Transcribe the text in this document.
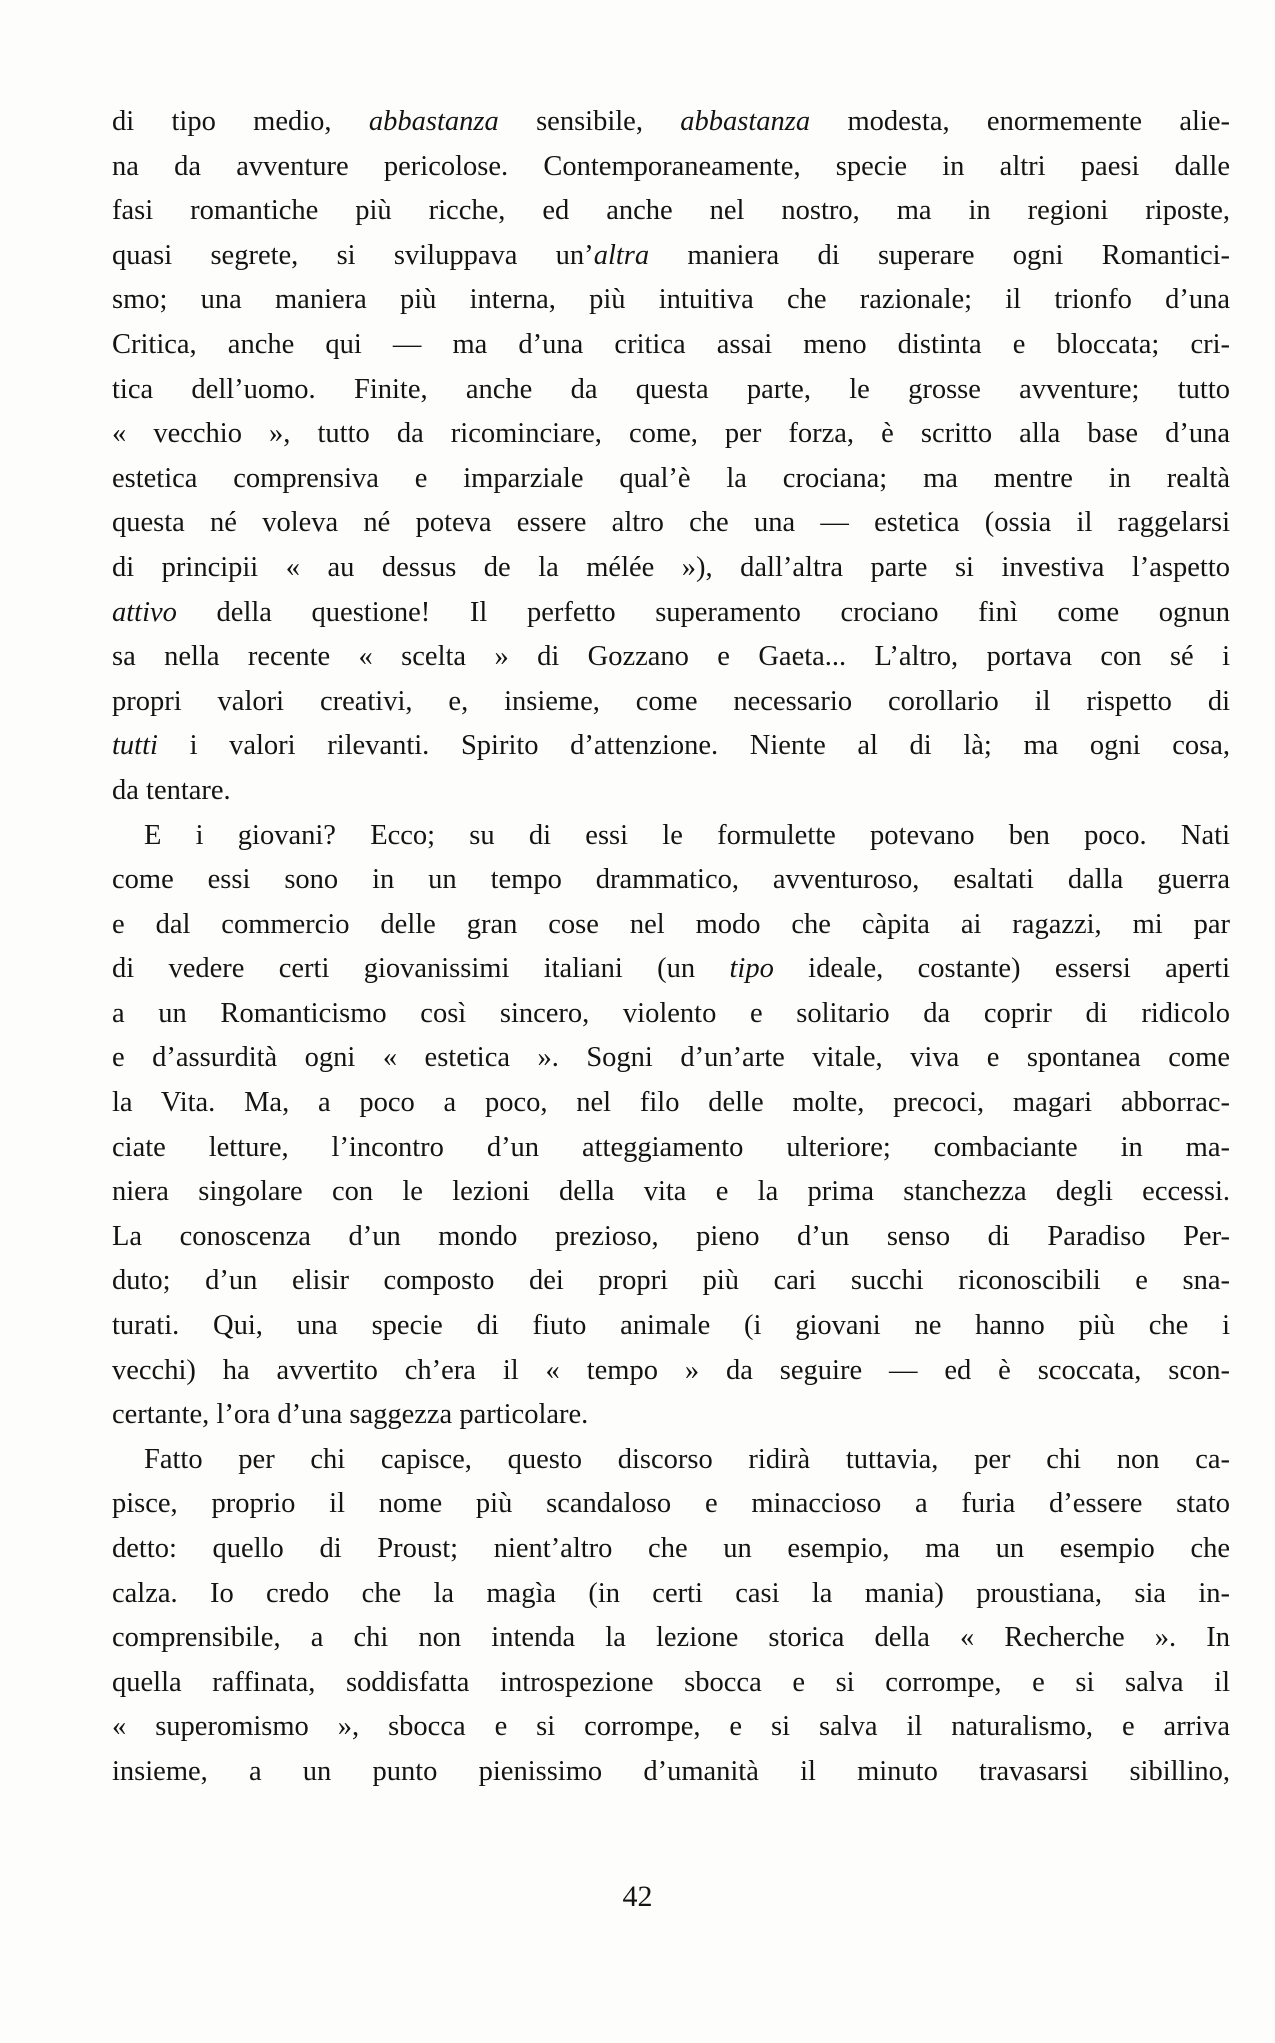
di tipo medio, abbastanza sensibile, abbastanza modesta, enormemente alie-
na da avventure pericolose. Contemporaneamente, specie in altri paesi dalle
fasi romantiche più ricche, ed anche nel nostro, ma in regioni riposte,
quasi segrete, si sviluppava un’altra maniera di superare ogni Romantici-
smo; una maniera più interna, più intuitiva che razionale; il trionfo d’una
Critica, anche qui — ma d’una critica assai meno distinta e bloccata; cri-
tica dell’uomo. Finite, anche da questa parte, le grosse avventure; tutto
« vecchio », tutto da ricominciare, come, per forza, è scritto alla base d’una
estetica comprensiva e imparziale qual’è la crociana; ma mentre in realtà
questa né voleva né poteva essere altro che una — estetica (ossia il raggelarsi
di principii « au dessus de la mélée »), dall’altra parte si investiva l’aspetto
attivo della questione! Il perfetto superamento crociano finì come ognun
sa nella recente « scelta » di Gozzano e Gaeta... L’altro, portava con sé i
propri valori creativi, e, insieme, come necessario corollario il rispetto di
tutti i valori rilevanti. Spirito d’attenzione. Niente al di là; ma ogni cosa,
da tentare.
E i giovani? Ecco; su di essi le formulette potevano ben poco. Nati
come essi sono in un tempo drammatico, avventuroso, esaltati dalla guerra
e dal commercio delle gran cose nel modo che càpita ai ragazzi, mi par
di vedere certi giovanissimi italiani (un tipo ideale, costante) essersi aperti
a un Romanticismo così sincero, violento e solitario da coprir di ridicolo
e d’assurdità ogni « estetica ». Sogni d’un’arte vitale, viva e spontanea come
la Vita. Ma, a poco a poco, nel filo delle molte, precoci, magari abborrac-
ciate letture, l’incontro d’un atteggiamento ulteriore; combaciante in ma-
niera singolare con le lezioni della vita e la prima stanchezza degli eccessi.
La conoscenza d’un mondo prezioso, pieno d’un senso di Paradiso Per-
duto; d’un elisir composto dei propri più cari succhi riconoscibili e sna-
turati. Qui, una specie di fiuto animale (i giovani ne hanno più che i
vecchi) ha avvertito ch’era il « tempo » da seguire — ed è scoccata, scon-
certante, l’ora d’una saggezza particolare.
Fatto per chi capisce, questo discorso ridirà tuttavia, per chi non ca-
pisce, proprio il nome più scandaloso e minaccioso a furia d’essere stato
detto: quello di Proust; nient’altro che un esempio, ma un esempio che
calza. Io credo che la magìa (in certi casi la mania) proustiana, sia in-
comprensibile, a chi non intenda la lezione storica della « Recherche ». In
quella raffinata, soddisfatta introspezione sbocca e si corrompe, e si salva il
« superomismo », sbocca e si corrompe, e si salva il naturalismo, e arriva
insieme, a un punto pienissimo d’umanità il minuto travasarsi sibillino,
42
